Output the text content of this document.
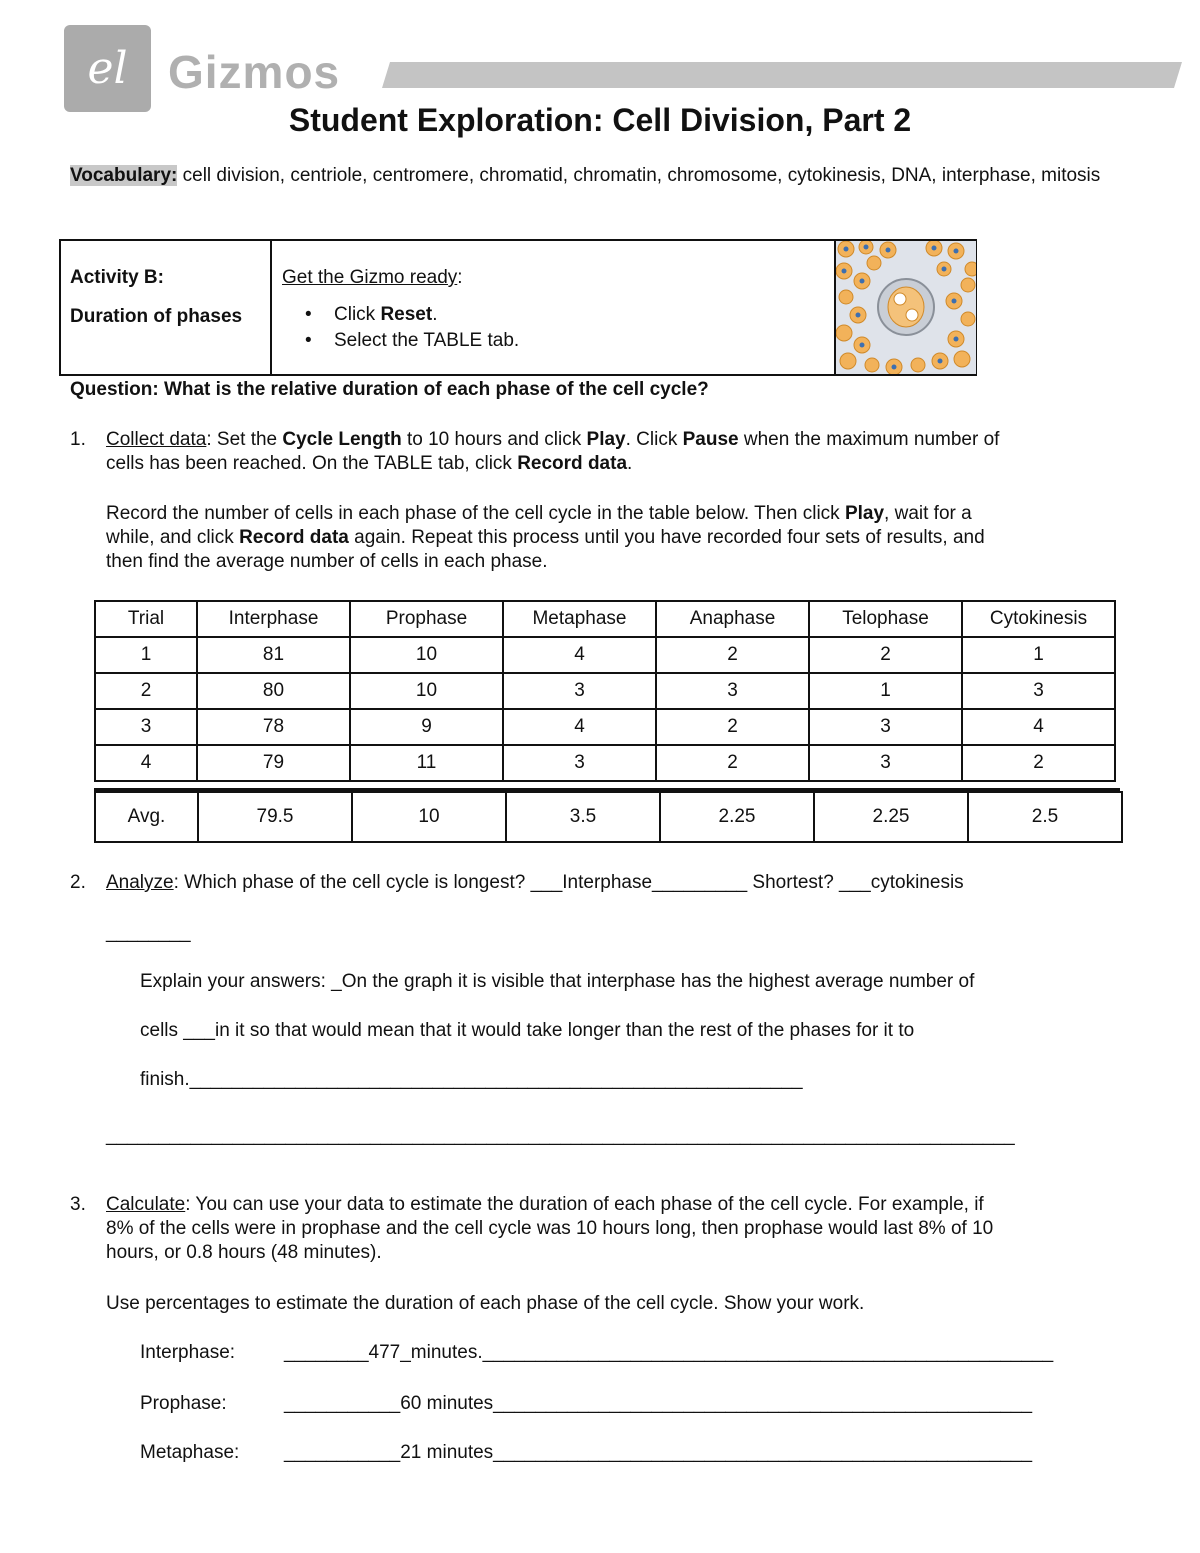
el Gizmos
Student Exploration: Cell Division, Part 2
Vocabulary: cell division, centriole, centromere, chromatid, chromatin, chromosome, cytokinesis, DNA, interphase, mitosis
Activity B:
Duration of phases
Get the Gizmo ready:
• Click Reset.
• Select the TABLE tab.
Question: What is the relative duration of each phase of the cell cycle?
1. Collect data: Set the Cycle Length to 10 hours and click Play. Click Pause when the maximum number of
cells has been reached. On the TABLE tab, click Record data.
Record the number of cells in each phase of the cell cycle in the table below. Then click Play, wait for a
while, and click Record data again. Repeat this process until you have recorded four sets of results, and
then find the average number of cells in each phase.
Trial	Interphase	Prophase	Metaphase	Anaphase	Telophase	Cytokinesis
1	81	10	4	2	2	1
2	80	10	3	3	1	3
3	78	9	4	2	3	4
4	79	11	3	2	3	2
Avg.	79.5	10	3.5	2.25	2.25	2.5
2. Analyze: Which phase of the cell cycle is longest? ___Interphase_________ Shortest? ___cytokinesis
________
Explain your answers: _On the graph it is visible that interphase has the highest average number of
cells ___in it so that would mean that it would take longer than the rest of the phases for it to
finish.__________________________________________________________
______________________________________________________________________________________
3. Calculate: You can use your data to estimate the duration of each phase of the cell cycle. For example, if
8% of the cells were in prophase and the cell cycle was 10 hours long, then prophase would last 8% of 10
hours, or 0.8 hours (48 minutes).
Use percentages to estimate the duration of each phase of the cell cycle. Show your work.
Interphase:	________477_minutes.______________________________________________________
Prophase:	___________60 minutes___________________________________________________
Metaphase: ___________21 minutes___________________________________________________
